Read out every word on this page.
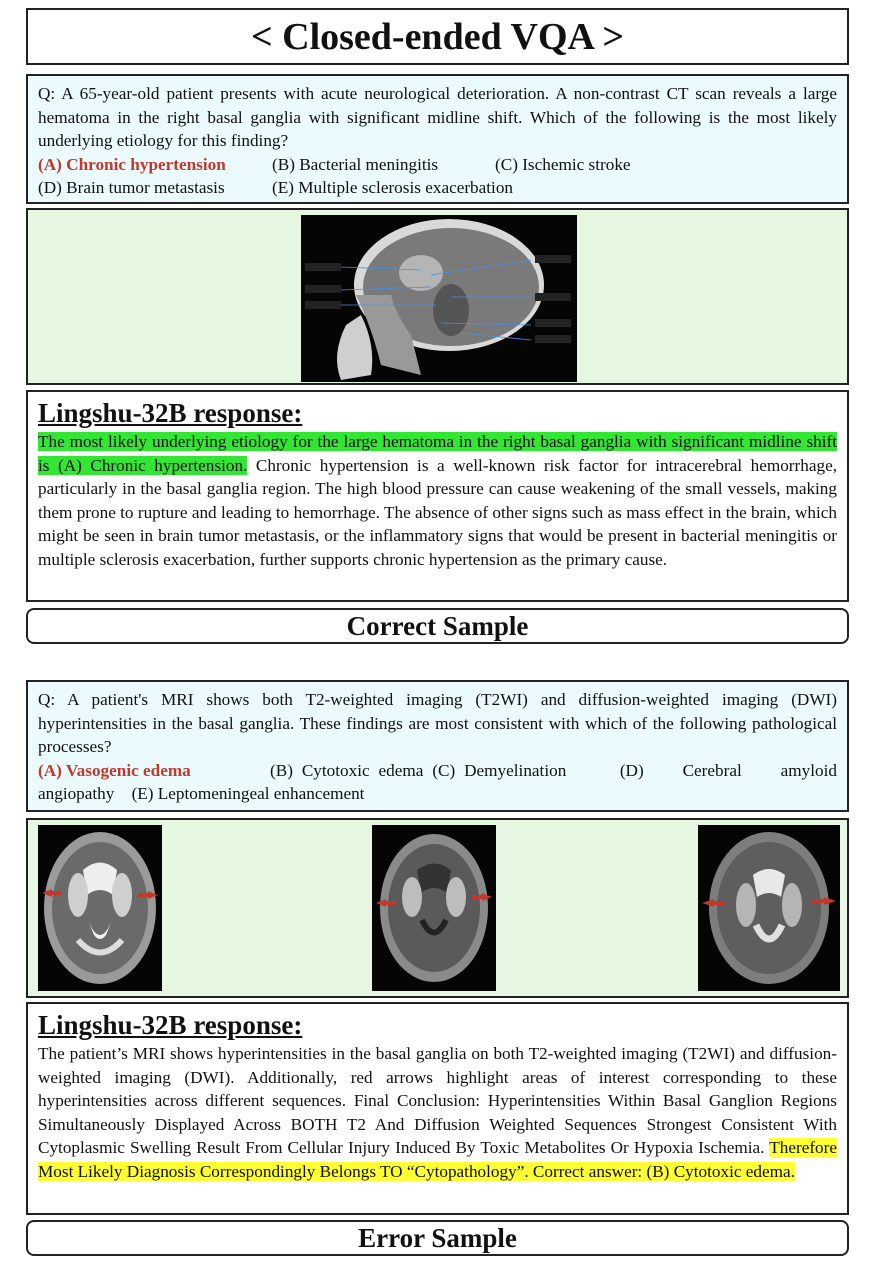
< Closed-ended VQA >
Q: A 65-year-old patient presents with acute neurological deterioration. A non-contrast CT scan reveals a large hematoma in the right basal ganglia with significant midline shift. Which of the following is the most likely underlying etiology for this finding?
(A) Chronic hypertension	(B) Bacterial meningitis	(C) Ischemic stroke
(D) Brain tumor metastasis	(E) Multiple sclerosis exacerbation
Lingshu-32B response:
The most likely underlying etiology for the large hematoma in the right basal ganglia with significant midline shift is (A) Chronic hypertension. Chronic hypertension is a well-known risk factor for intracerebral hemorrhage, particularly in the basal ganglia region. The high blood pressure can cause weakening of the small vessels, making them prone to rupture and leading to hemorrhage. The absence of other signs such as mass effect in the brain, which might be seen in brain tumor metastasis, or the inflammatory signs that would be present in bacterial meningitis or multiple sclerosis exacerbation, further supports chronic hypertension as the primary cause.
Correct Sample
Q: A patient's MRI shows both T2-weighted imaging (T2WI) and diffusion-weighted imaging (DWI) hyperintensities in the basal ganglia. These findings are most consistent with which of the following pathological processes?
(A) Vasogenic edema	(B) Cytotoxic edema (C) Demyelination	(D) Cerebral amyloid angiopathy (E) Leptomeningeal enhancement
Lingshu-32B response:
The patient’s MRI shows hyperintensities in the basal ganglia on both T2-weighted imaging (T2WI) and diffusion-weighted imaging (DWI). Additionally, red arrows highlight areas of interest corresponding to these hyperintensities across different sequences. Final Conclusion: Hyperintensities Within Basal Ganglion Regions Simultaneously Displayed Across BOTH T2 And Diffusion Weighted Sequences Strongest Consistent With Cytoplasmic Swelling Result From Cellular Injury Induced By Toxic Metabolites Or Hypoxia Ischemia. Therefore Most Likely Diagnosis Correspondingly Belongs TO “Cytopathology”. Correct answer: (B) Cytotoxic edema.
Error Sample
